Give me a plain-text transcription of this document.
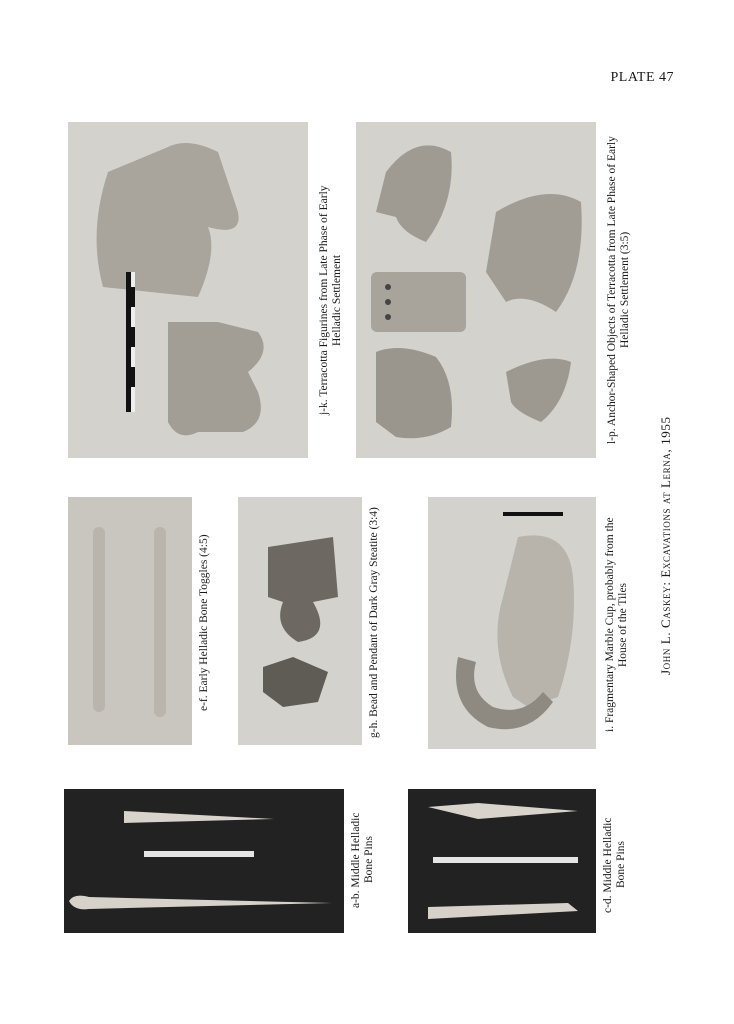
PLATE 47
j-k. Terracotta Figurines from Late Phase of Early
Helladic Settlement	l-p. Anchor-Shaped Objects of Terracotta from Late Phase of Early
Helladic Settlement (3:5)
e-f. Early Helladic Bone Toggles (4:5)	g-h. Bead and Pendant of Dark Gray Steatite (3:4)	i. Fragmentary Marble Cup, probably from the
House of the Tiles
a-b. Middle Helladic
Bone Pins	c-d. Middle Helladic
Bone Pins
John L. Caskey: Excavations at Lerna, 1955
